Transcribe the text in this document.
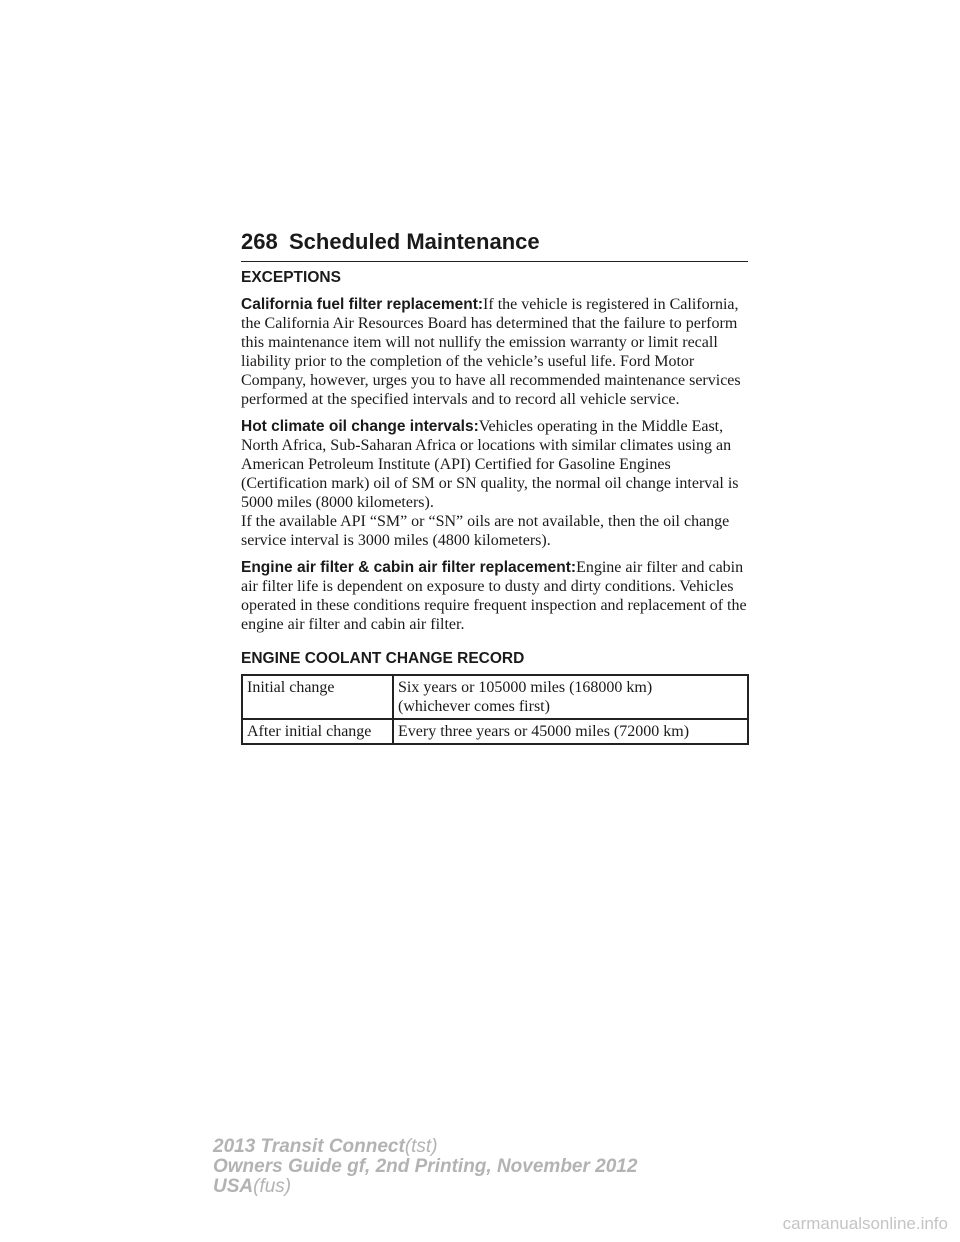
268 Scheduled Maintenance
EXCEPTIONS

California fuel filter replacement:If the vehicle is registered in California, the California Air Resources Board has determined that the failure to perform this maintenance item will not nullify the emission warranty or limit recall liability prior to the completion of the vehicle’s useful life. Ford Motor Company, however, urges you to have all recommended maintenance services performed at the specified intervals and to record all vehicle service.

Hot climate oil change intervals:Vehicles operating in the Middle East, North Africa, Sub-Saharan Africa or locations with similar climates using an American Petroleum Institute (API) Certified for Gasoline Engines (Certification mark) oil of SM or SN quality, the normal oil change interval is 5000 miles (8000 kilometers).

If the available API “SM” or “SN” oils are not available, then the oil change service interval is 3000 miles (4800 kilometers).

Engine air filter & cabin air filter replacement:Engine air filter and cabin air filter life is dependent on exposure to dusty and dirty conditions. Vehicles operated in these conditions require frequent inspection and replacement of the engine air filter and cabin air filter.

ENGINE COOLANT CHANGE RECORD
Initial change	Six years or 105000 miles (168000 km)
(whichever comes first)

After initial change	Every three years or 45000 miles (72000 km)
2013 Transit Connect(tst)
Owners Guide gf, 2nd Printing, November 2012
USA(fus)
carmanualsonline.info
